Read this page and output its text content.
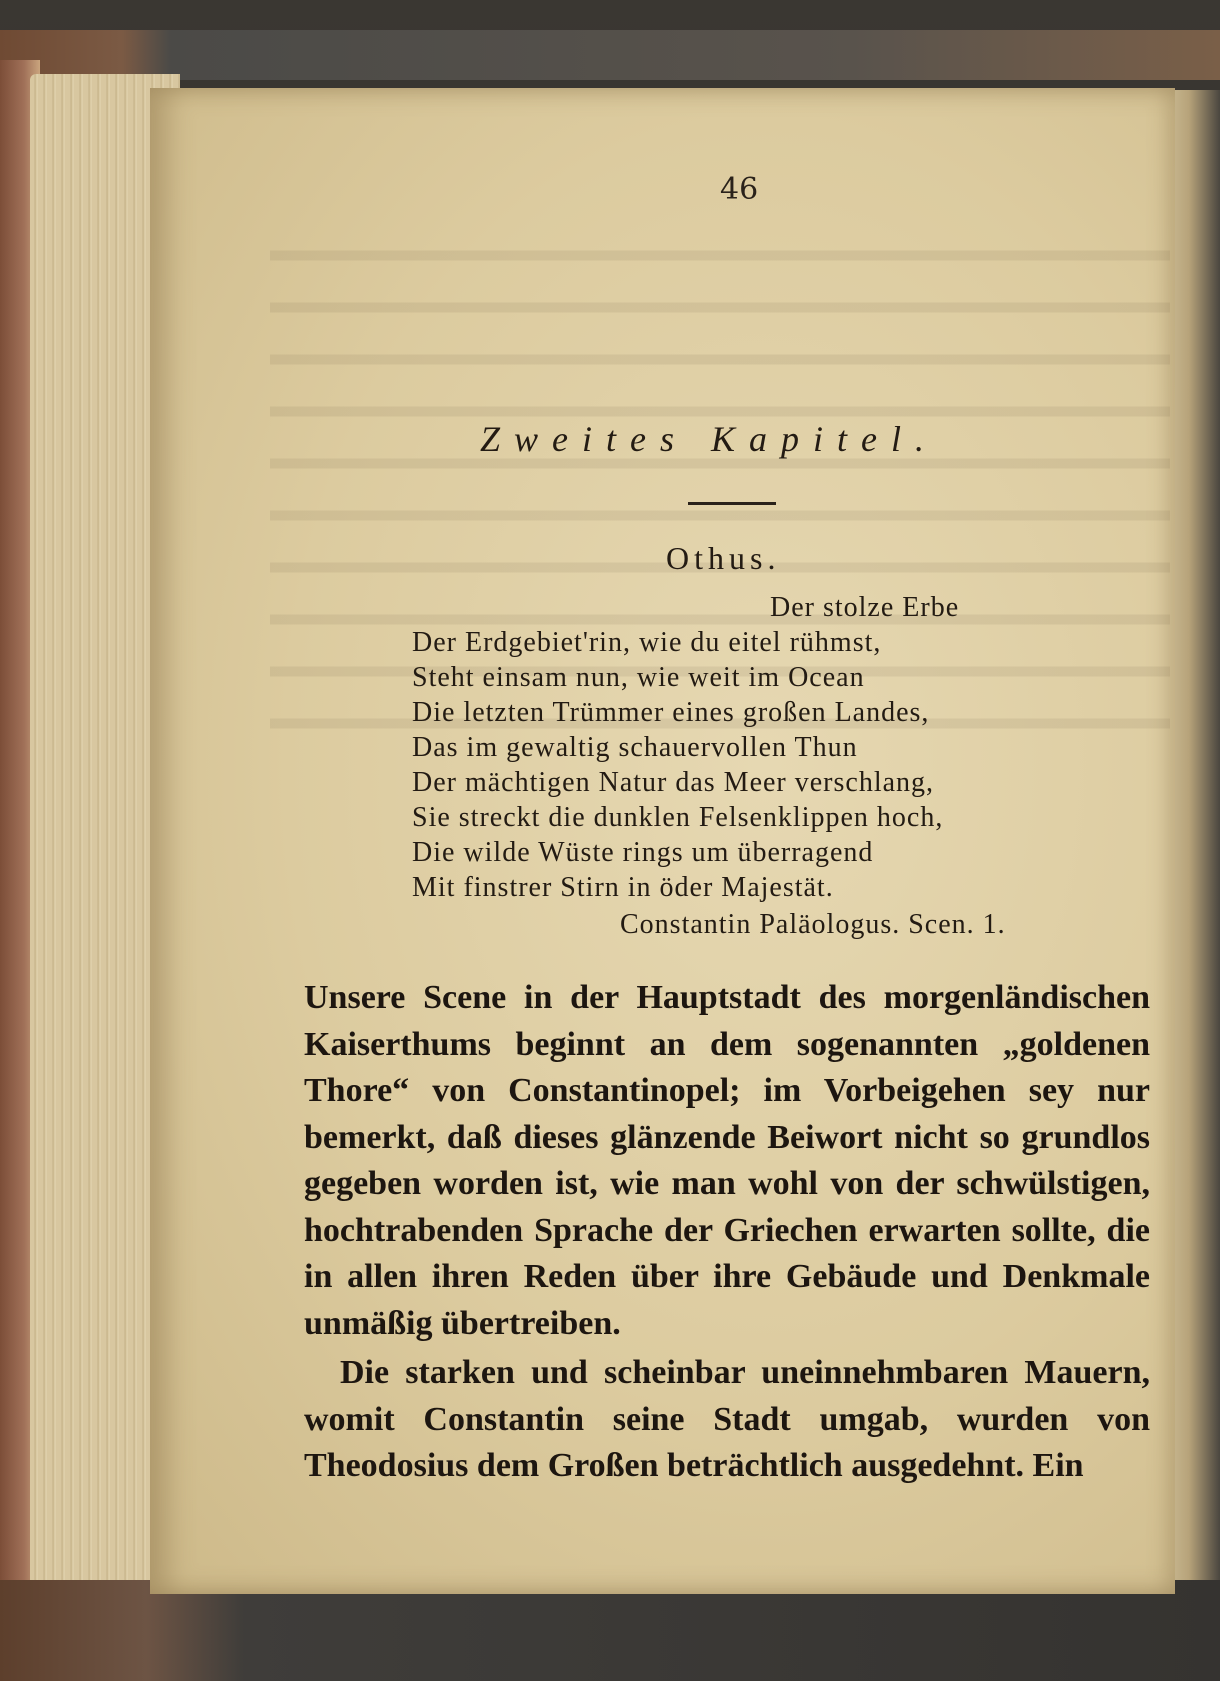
46
Zweites Kapitel.
Othus.
Der stolze Erbe
Der Erdgebiet'rin, wie du eitel rühmst,
Steht einsam nun, wie weit im Ocean
Die letzten Trümmer eines großen Landes,
Das im gewaltig schauervollen Thun
Der mächtigen Natur das Meer verschlang,
Sie streckt die dunklen Felsenklippen hoch,
Die wilde Wüste rings um überragend
Mit finstrer Stirn in öder Majestät.
Constantin Paläologus. Scen. 1.

Unsere Scene in der Hauptstadt des morgenländischen Kaiserthums beginnt an dem sogenannten „goldenen Thore“ von Constantinopel; im Vorbeigehen sey nur bemerkt, daß dieses glänzende Beiwort nicht so grundlos gegeben worden ist, wie man wohl von der schwülstigen, hochtrabenden Sprache der Griechen erwarten sollte, die in allen ihren Reden über ihre Gebäude und Denkmale unmäßig übertreiben.

Die starken und scheinbar uneinnehmbaren Mauern, womit Constantin seine Stadt umgab, wurden von Theodosius dem Großen beträchtlich ausgedehnt. Ein
